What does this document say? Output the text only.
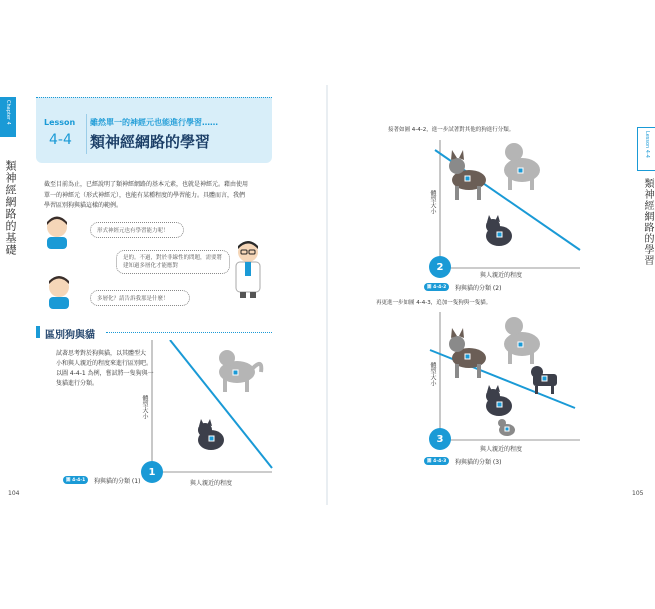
Chapter 4
類神經網路的基礎
Lesson
4-4
雖然單一的神經元也能進行學習……
類神經網路的學習
截至目前為止，已經說明了類神經網路的基本元素，也就是神經元。藉由使用
單一的神經元（形式神經元），也能有某種程度的學習能力。具體而言，我們
學習區別狗與貓這樣的範例。
形式神經元也有學習能力呢！
是的。不過，對於非線性的問題，需要將建知過多層化才能應對
多層化？請告訴我那是什麼！
區別狗與貓
試著思考對於狗與貓，以其體型大
小和與人親近的程度來進行區別吧。
以圖 4-4-1 為例，嘗試將一隻狗與一
隻貓進行分類。
體型大小
1
與人親近的程度
圖 4-4-1	狗與貓的分類 (1)
104
Lesson 4-4
類神經網路的學習
接著如圖 4-4-2，進一步試著對其他的狗進行分類。
體型大小
2
與人親近的程度
圖 4-4-2	狗與貓的分類 (2)
再更進一步如圖 4-4-3，追加一隻狗與一隻貓。
體型大小
3
與人親近的程度
圖 4-4-3	狗與貓的分類 (3)
105
